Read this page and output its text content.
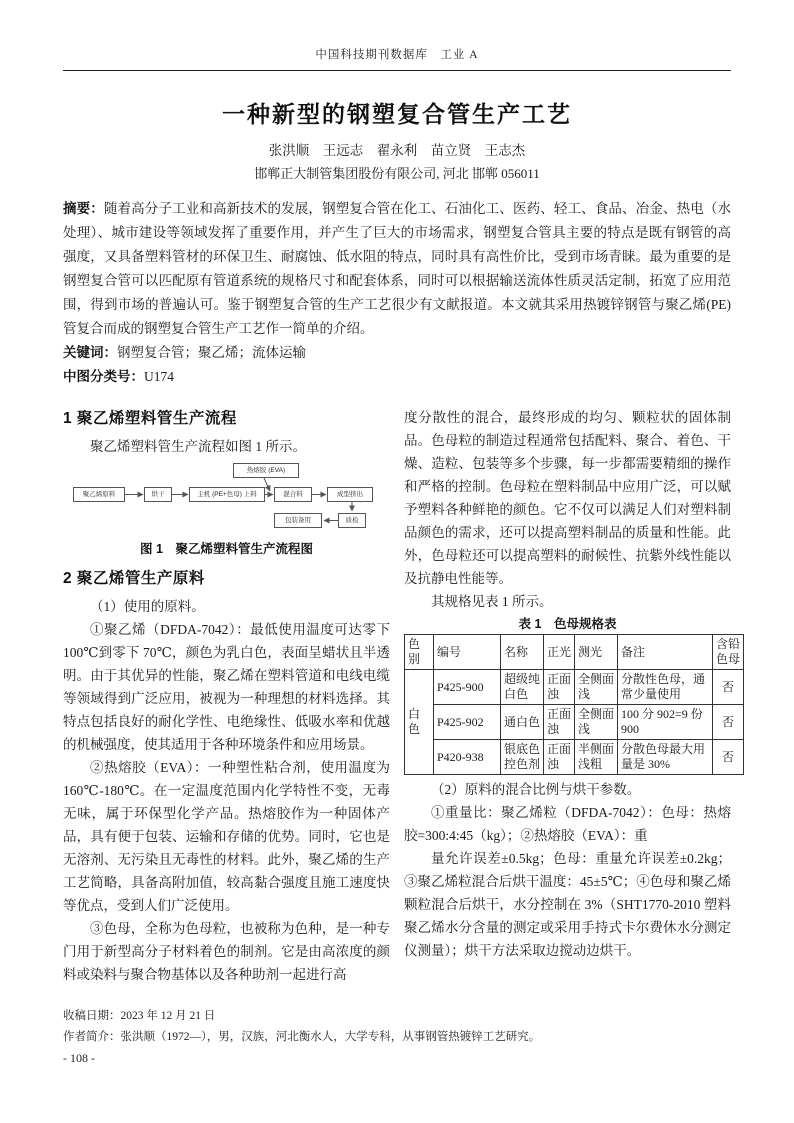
中国科技期刊数据库　工业 A
一种新型的钢塑复合管生产工艺
张洪顺　王远志　翟永利　苗立贤　王志杰
邯郸正大制管集团股份有限公司, 河北 邯郸 056011

摘要：随着高分子工业和高新技术的发展，钢塑复合管在化工、石油化工、医药、轻工、食品、冶金、热电（水处理）、城市建设等领域发挥了重要作用，并产生了巨大的市场需求，钢塑复合管具主要的特点是既有钢管的高强度，又具备塑料管材的环保卫生、耐腐蚀、低水阻的特点，同时具有高性价比，受到市场青睐。最为重要的是钢塑复合管可以匹配原有管道系统的规格尺寸和配套体系，同时可以根据输送流体性质灵活定制，拓宽了应用范围，得到市场的普遍认可。鉴于钢塑复合管的生产工艺很少有文献报道。本文就其采用热镀锌钢管与聚乙烯(PE)管复合而成的钢塑复合管生产工艺作一简单的介绍。

关键词：钢塑复合管；聚乙烯；流体运输

中图分类号：U174

1 聚乙烯塑料管生产流程

聚乙烯塑料管生产流程如图 1 所示。

热熔胶 (EVA)
聚乙烯原料	烘干	主机 (PE+色母) 上料	混合料	成型挤出
质检
包装备用
图 1　聚乙烯塑料管生产流程图
2 聚乙烯管生产原料

（1）使用的原料。

①聚乙烯（DFDA-7042）：最低使用温度可达零下 100℃到零下 70℃，颜色为乳白色，表面呈蜡状且半透明。由于其优异的性能，聚乙烯在塑料管道和电线电缆等领域得到广泛应用，被视为一种理想的材料选择。其特点包括良好的耐化学性、电绝缘性、低吸水率和优越的机械强度，使其适用于各种环境条件和应用场景。

②热熔胶（EVA）：一种塑性粘合剂，使用温度为 160℃-180℃。在一定温度范围内化学特性不变，无毒无味，属于环保型化学产品。热熔胶作为一种固体产品，具有便于包装、运输和存储的优势。同时，它也是无溶剂、无污染且无毒性的材料。此外，聚乙烯的生产工艺简略，具备高附加值，较高黏合强度且施工速度快等优点，受到人们广泛使用。

③色母，全称为色母粒，也被称为色种，是一种专门用于新型高分子材料着色的制剂。它是由高浓度的颜料或染料与聚合物基体以及各种助剂一起进行高

度分散性的混合，最终形成的均匀、颗粒状的固体制品。色母粒的制造过程通常包括配料、聚合、着色、干燥、造粒、包装等多个步骤，每一步都需要精细的操作和严格的控制。色母粒在塑料制品中应用广泛，可以赋予塑料各种鲜艳的颜色。它不仅可以满足人们对塑料制品颜色的需求，还可以提高塑料制品的质量和性能。此外，色母粒还可以提高塑料的耐候性、抗紫外线性能以及抗静电性能等。

其规格见表 1 所示。

表 1　色母规格表
色别	编号	名称	正光	测光	备注	含铅色母
白色	P425-900	超级纯白色	正面浊	全侧面浅	分散性色母，通常少量使用	否
	P425-902	通白色	正面浊	全侧面浅	100 分 902=9 份 900	否
	P420-938	银底色控色剂	正面浊	半侧面浅粗	分散色母最大用量是 30%	否

（2）原料的混合比例与烘干参数。

①重量比：聚乙烯粒（DFDA-7042）：色母：热熔胶=300:4:45（kg）；②热熔胶（EVA）：重

量允许误差±0.5kg；色母：重量允许误差±0.2kg；③聚乙烯粒混合后烘干温度：45±5℃；④色母和聚乙烯颗粒混合后烘干，水分控制在 3%（SHT1770-2010 塑料 聚乙烯水分含量的测定或采用手持式卡尔费休水分测定仪测量）；烘干方法采取边搅动边烘干。

收稿日期：2023 年 12 月 21 日

作者简介：张洪顺（1972—），男，汉族，河北衡水人，大学专科，从事钢管热镀锌工艺研究。

- 108 -
